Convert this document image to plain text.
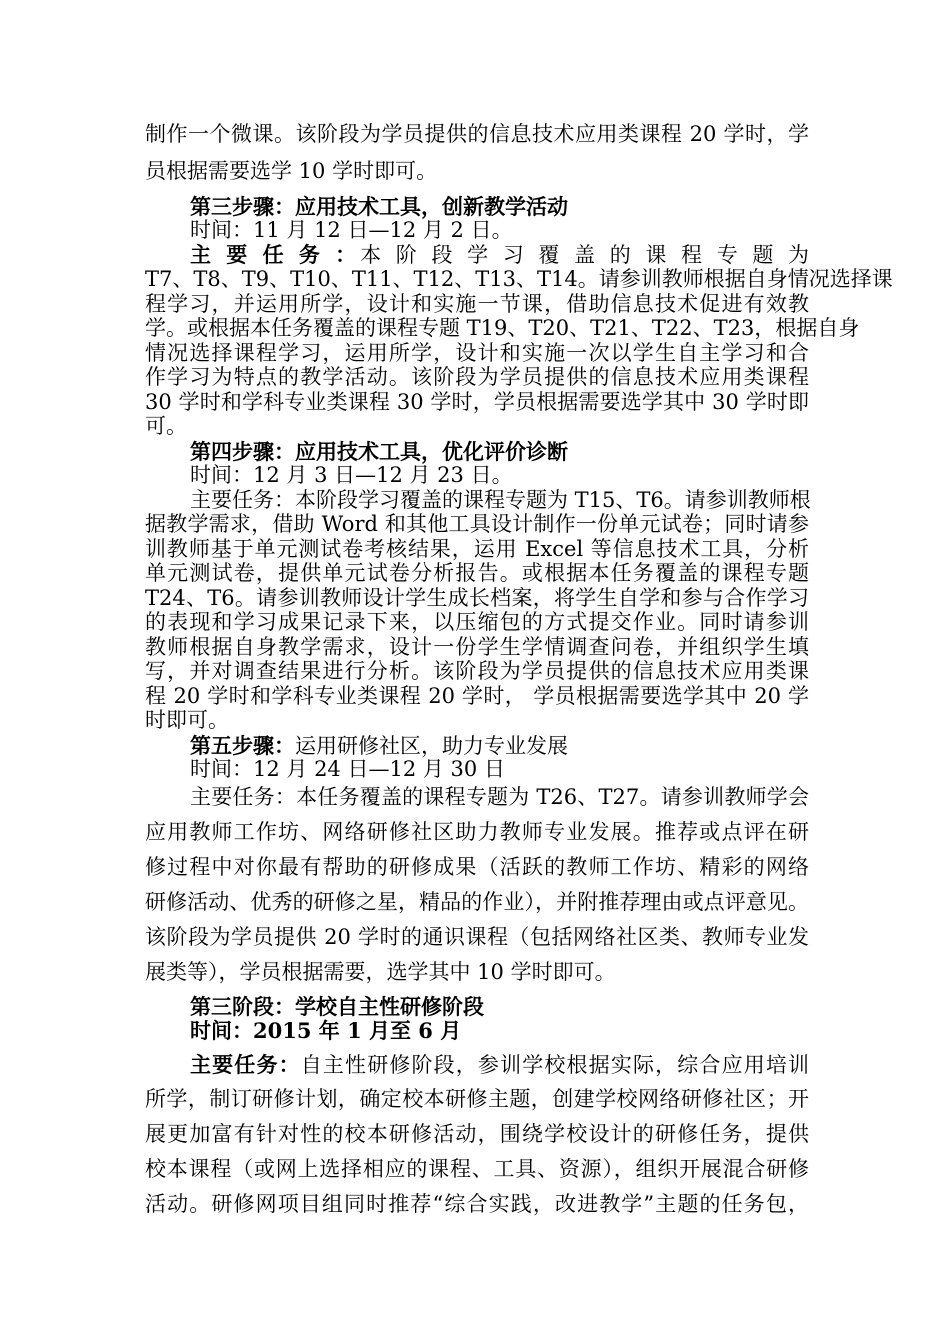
制作一个微课。该阶段为学员提供的信息技术应用类课程 20 学时，学
员根据需要选学 10 学时即可。
第三步骤：应用技术工具，创新教学活动
时间：11 月 12 日—12 月 2 日。
主 要 任 务 ：本 阶 段 学 习 覆 盖 的 课 程 专 题 为
T7、T8、T9、T10、T11、T12、T13、T14。请参训教师根据自身情况选择课
程学习，并运用所学，设计和实施一节课，借助信息技术促进有效教
学。或根据本任务覆盖的课程专题 T19、T20、T21、T22、T23，根据自身
情况选择课程学习，运用所学，设计和实施一次以学生自主学习和合
作学习为特点的教学活动。该阶段为学员提供的信息技术应用类课程
30 学时和学科专业类课程 30 学时，学员根据需要选学其中 30 学时即
可。
第四步骤：应用技术工具，优化评价诊断
时间：12 月 3 日—12 月 23 日。
主要任务：本阶段学习覆盖的课程专题为 T15、T6。请参训教师根
据教学需求，借助 Word 和其他工具设计制作一份单元试卷；同时请参
训教师基于单元测试卷考核结果，运用 Excel 等信息技术工具，分析
单元测试卷，提供单元试卷分析报告。或根据本任务覆盖的课程专题
T24、T6。请参训教师设计学生成长档案，将学生自学和参与合作学习
的表现和学习成果记录下来，以压缩包的方式提交作业。同时请参训
教师根据自身教学需求，设计一份学生学情调查问卷，并组织学生填
写，并对调查结果进行分析。该阶段为学员提供的信息技术应用类课
程 20 学时和学科专业类课程 20 学时， 学员根据需要选学其中 20 学
时即可。
第五步骤：运用研修社区，助力专业发展
时间：12 月 24 日—12 月 30 日
主要任务：本任务覆盖的课程专题为 T26、T27。请参训教师学会
应用教师工作坊、网络研修社区助力教师专业发展。推荐或点评在研
修过程中对你最有帮助的研修成果（活跃的教师工作坊、精彩的网络
研修活动、优秀的研修之星，精品的作业），并附推荐理由或点评意见。
该阶段为学员提供 20 学时的通识课程（包括网络社区类、教师专业发
展类等），学员根据需要，选学其中 10 学时即可。
第三阶段：学校自主性研修阶段
时间：2015 年 1 月至 6 月
主要任务：自主性研修阶段，参训学校根据实际，综合应用培训
所学，制订研修计划，确定校本研修主题，创建学校网络研修社区；开
展更加富有针对性的校本研修活动，围绕学校设计的研修任务，提供
校本课程（或网上选择相应的课程、工具、资源），组织开展混合研修
活动。研修网项目组同时推荐“综合实践，改进教学”主题的任务包，
